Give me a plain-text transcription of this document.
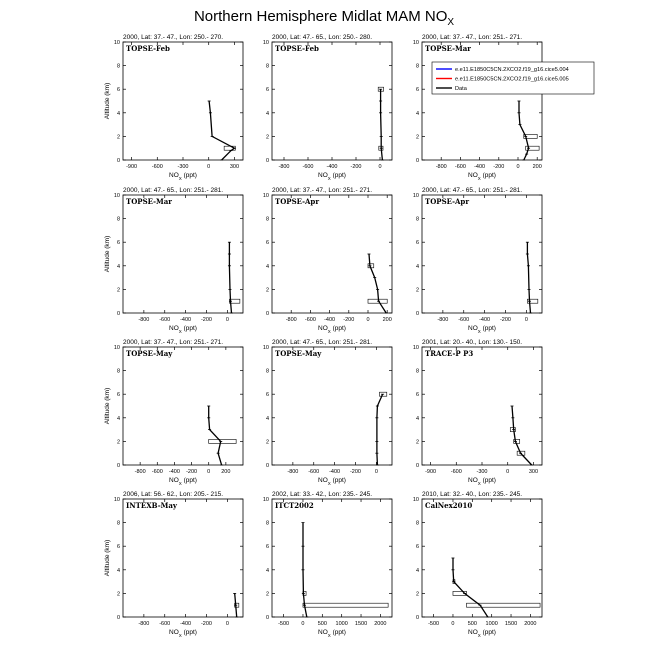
Northern Hemisphere Midlat MAM $NO_X$
2000, Lat: 37.- 47., Lon: 250.- 270.
0
2
4
6
8
10
-900	-600	-300	0	300
$NO_X$ (ppt)
Altitude (km)
TOPSE-Feb
2000, Lat: 47.- 65., Lon: 250.- 280.
0
2
4
6
8
10
-800 -600 -400 -200	0
$NO_X$ (ppt)
TOPSE-Feb
2000, Lat: 37.- 47., Lon: 251.- 271.
0
2
4
6
8
10
-800 -600 -400 -200 0 200
$NO_X$ (ppt)
TOPSE-Mar
2000, Lat: 47.- 65., Lon: 251.- 281.
0
2
4
6
8
10
-800 -600 -400 -200	0
$NO_X$ (ppt)
Altitude (km)
TOPSE-Mar
2000, Lat: 37.- 47., Lon: 251.- 271.
0
2
4
6
8
10
-800 -600 -400 -200 0 200
$NO_X$ (ppt)
TOPSE-Apr
2000, Lat: 47.- 65., Lon: 251.- 281.
0
2
4
6
8
10
-800 -600 -400 -200	0
$NO_X$ (ppt)
TOPSE-Apr
2000, Lat: 37.- 47., Lon: 251.- 271.
0
2
4
6
8
10
-800 -600 -400 -200 0 200
$NO_X$ (ppt)
Altitude (km)
TOPSE-May
2000, Lat: 47.- 65., Lon: 251.- 281.
0
2
4
6
8
10
-800 -600 -400 -200	0
$NO_X$ (ppt)
TOPSE-May
2001, Lat: 20.- 40., Lon: 130.- 150.
0
2
4
6
8
10
-900	-600	-300	0	300
$NO_X$ (ppt)
TRACE-P P3
2006, Lat: 56.- 62., Lon: 205.- 215.
0
2
4
6
8
10
-800 -600 -400 -200	0
$NO_X$ (ppt)
Altitude (km)
INTEXB-May
2002, Lat: 33.- 42., Lon: 235.- 245.
0
2
4
6
8
10
-500 0 500 1000 1500 2000
$NO_X$ (ppt)
ITCT2002
2010, Lat: 32.- 40., Lon: 235.- 245.
0
2
4
6
8
10
-500 0 500 1000 1500 2000
$NO_X$ (ppt)
CalNex2010
e.e11.E1850C5CN.2XCO2.f19_g16.cice5.004
e.e11.E1850C5CN.2XCO2.f19_g16.cice5.005
Data
